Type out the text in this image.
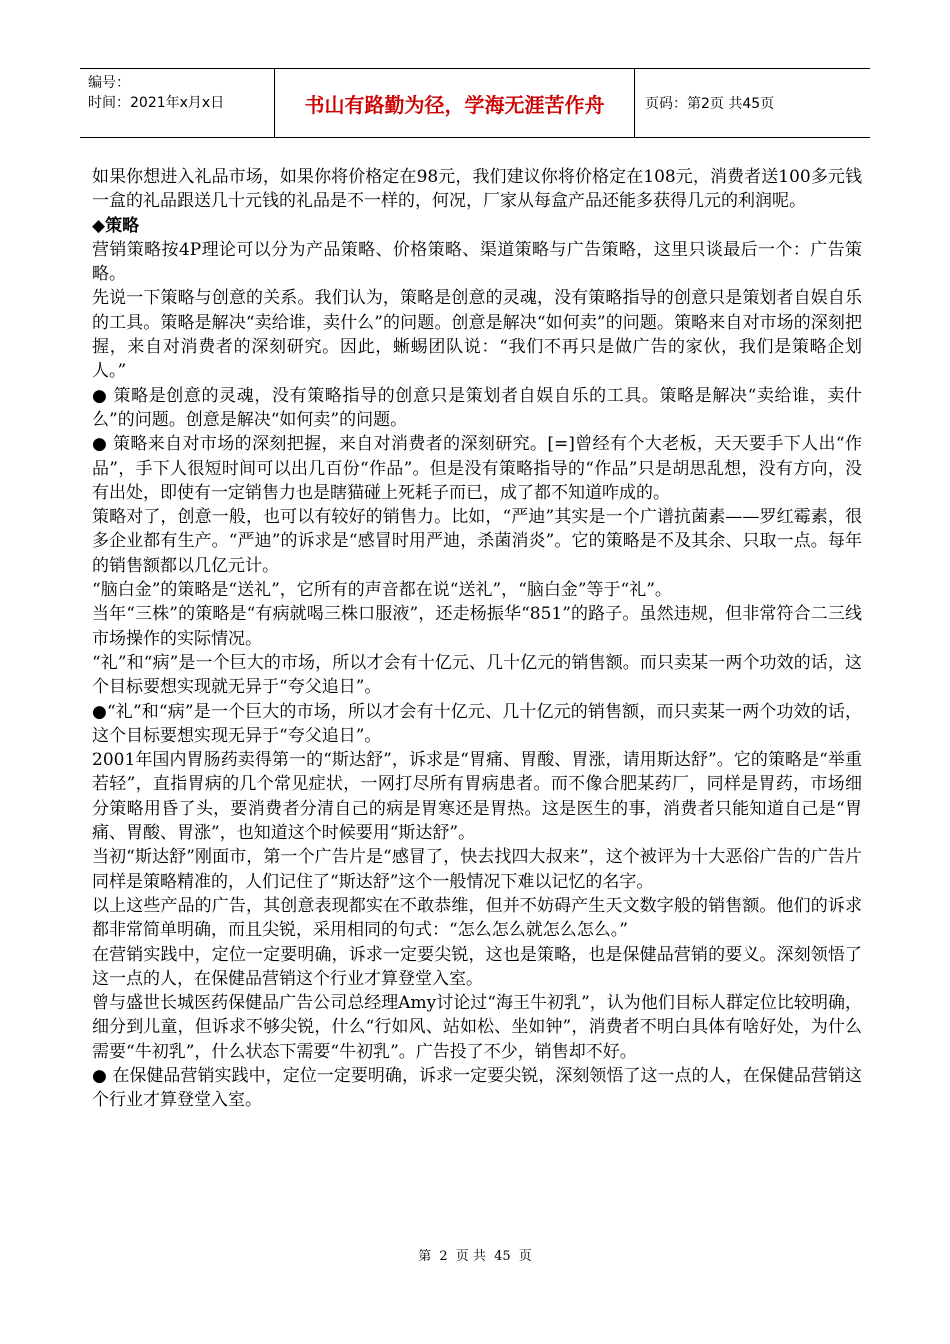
编号：
时间：2021年x月x日	书山有路勤为径，学海无涯苦作舟	页码：第2页 共45页

如果你想进入礼品市场，如果你将价格定在98元，我们建议你将价格定在108元，消费者送100多元钱一盒的礼品跟送几十元钱的礼品是不一样的，何况，厂家从每盒产品还能多获得几元的利润呢。

◆策略

营销策略按4P理论可以分为产品策略、价格策略、渠道策略与广告策略，这里只谈最后一个：广告策略。

先说一下策略与创意的关系。我们认为，策略是创意的灵魂，没有策略指导的创意只是策划者自娱自乐的工具。策略是解决“卖给谁，卖什么”的问题。创意是解决“如何卖”的问题。策略来自对市场的深刻把握，来自对消费者的深刻研究。因此，蜥蜴团队说：“我们不再只是做广告的家伙，我们是策略企划人。”

● 策略是创意的灵魂，没有策略指导的创意只是策划者自娱自乐的工具。策略是解决“卖给谁，卖什么”的问题。创意是解决“如何卖”的问题。

● 策略来自对市场的深刻把握，来自对消费者的深刻研究。[=]曾经有个大老板，天天要手下人出“作品”，手下人很短时间可以出几百份“作品”。但是没有策略指导的“作品”只是胡思乱想，没有方向，没有出处，即使有一定销售力也是瞎猫碰上死耗子而已，成了都不知道咋成的。

策略对了，创意一般，也可以有较好的销售力。比如，“严迪”其实是一个广谱抗菌素——罗红霉素，很多企业都有生产。“严迪”的诉求是“感冒时用严迪，杀菌消炎”。它的策略是不及其余、只取一点。每年的销售额都以几亿元计。

“脑白金”的策略是“送礼”，它所有的声音都在说“送礼”，“脑白金”等于“礼”。

当年“三株”的策略是“有病就喝三株口服液”，还走杨振华“851”的路子。虽然违规，但非常符合二三线市场操作的实际情况。

“礼”和“病”是一个巨大的市场，所以才会有十亿元、几十亿元的销售额。而只卖某一两个功效的话，这个目标要想实现就无异于“夸父追日”。

●“礼”和“病”是一个巨大的市场，所以才会有十亿元、几十亿元的销售额，而只卖某一两个功效的话，这个目标要想实现无异于“夸父追日”。

2001年国内胃肠药卖得第一的“斯达舒”，诉求是“胃痛、胃酸、胃涨，请用斯达舒”。它的策略是“举重若轻”，直指胃病的几个常见症状，一网打尽所有胃病患者。而不像合肥某药厂，同样是胃药，市场细分策略用昏了头，要消费者分清自己的病是胃寒还是胃热。这是医生的事，消费者只能知道自己是“胃痛、胃酸、胃涨”，也知道这个时候要用“斯达舒”。

当初“斯达舒”刚面市，第一个广告片是“感冒了，快去找四大叔来”，这个被评为十大恶俗广告的广告片同样是策略精准的，人们记住了“斯达舒”这个一般情况下难以记忆的名字。

以上这些产品的广告，其创意表现都实在不敢恭维，但并不妨碍产生天文数字般的销售额。他们的诉求都非常简单明确，而且尖锐，采用相同的句式：“怎么怎么就怎么怎么。”

在营销实践中，定位一定要明确，诉求一定要尖锐，这也是策略，也是保健品营销的要义。深刻领悟了这一点的人，在保健品营销这个行业才算登堂入室。

曾与盛世长城医药保健品广告公司总经理Amy讨论过“海王牛初乳”，认为他们目标人群定位比较明确，细分到儿童，但诉求不够尖锐，什么“行如风、站如松、坐如钟”，消费者不明白具体有啥好处，为什么需要“牛初乳”，什么状态下需要“牛初乳”。广告投了不少，销售却不好。

● 在保健品营销实践中，定位一定要明确，诉求一定要尖锐，深刻领悟了这一点的人，在保健品营销这个行业才算登堂入室。

第 2 页 共 45 页
